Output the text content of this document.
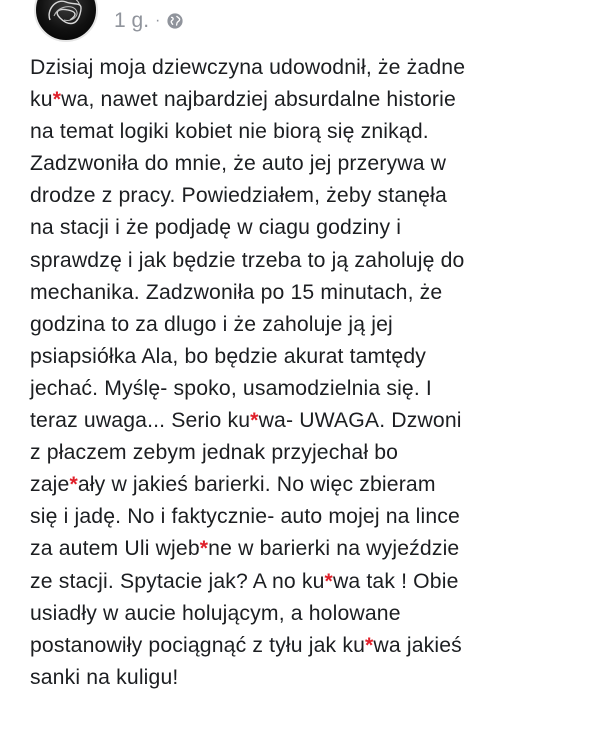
1 g. ·
Dzisiaj moja dziewczyna udowodnił, że żadne
ku*wa, nawet najbardziej absurdalne historie
na temat logiki kobiet nie biorą się znikąd.
Zadzwoniła do mnie, że auto jej przerywa w
drodze z pracy. Powiedziałem, żeby stanęła
na stacji i że podjadę w ciagu godziny i
sprawdzę i jak będzie trzeba to ją zaholuję do
mechanika. Zadzwoniła po 15 minutach, że
godzina to za dlugo i że zaholuje ją jej
psiapsiółka Ala, bo będzie akurat tamtędy
jechać. Myślę- spoko, usamodzielnia się. I
teraz uwaga... Serio ku*wa- UWAGA. Dzwoni
z płaczem zebym jednak przyjechał bo
zaje*ały w jakieś barierki. No więc zbieram
się i jadę. No i faktycznie- auto mojej na lince
za autem Uli wjeb*ne w barierki na wyjeździe
ze stacji. Spytacie jak? A no ku*wa tak ! Obie
usiadły w aucie holującym, a holowane
postanowiły pociągnąć z tyłu jak ku*wa jakieś
sanki na kuligu!
